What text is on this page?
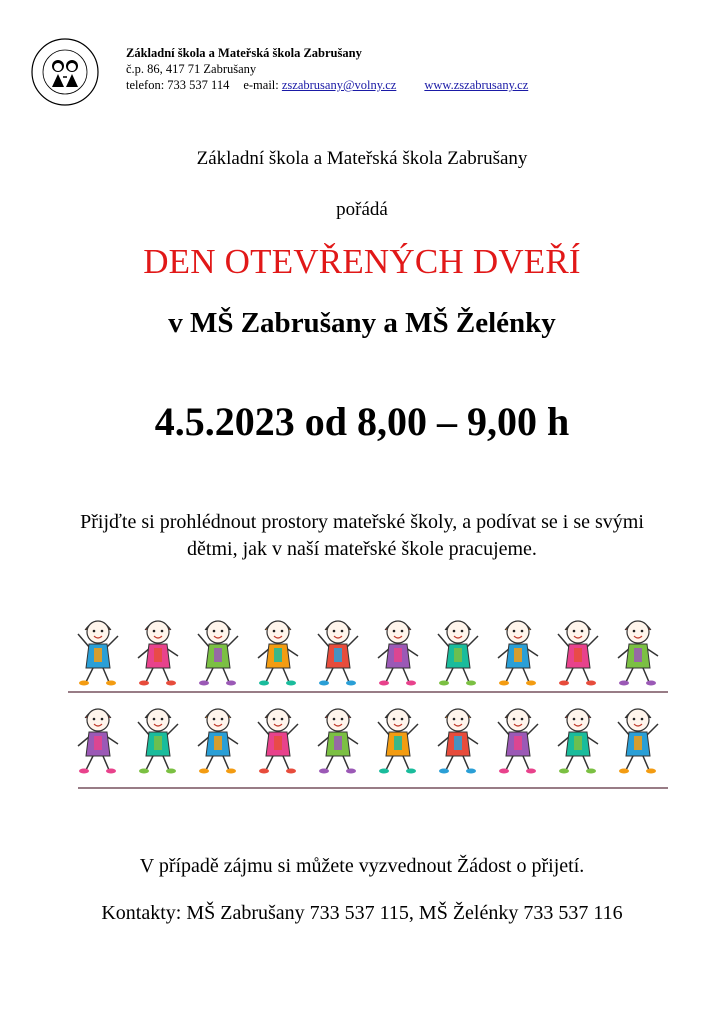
Základní škola a Mateřská škola Zabrušany
č.p. 86, 417 71 Zabrušany
telefon: 733 537 114 e-mail: zszabrusany@volny.cz www.zszabrusany.cz
Základní škola a Mateřská škola Zabrušany
pořádá
DEN OTEVŘENÝCH DVEŘÍ
v MŠ Zabrušany a MŠ Želénky
4.5.2023 od 8,00 – 9,00 h
Přijďte si prohlédnout prostory mateřské školy, a podívat se i se svými
dětmi, jak v naší mateřské škole pracujeme.
V případě zájmu si můžete vyzvednout Žádost o přijetí.
Kontakty: MŠ Zabrušany 733 537 115, MŠ Želénky 733 537 116
